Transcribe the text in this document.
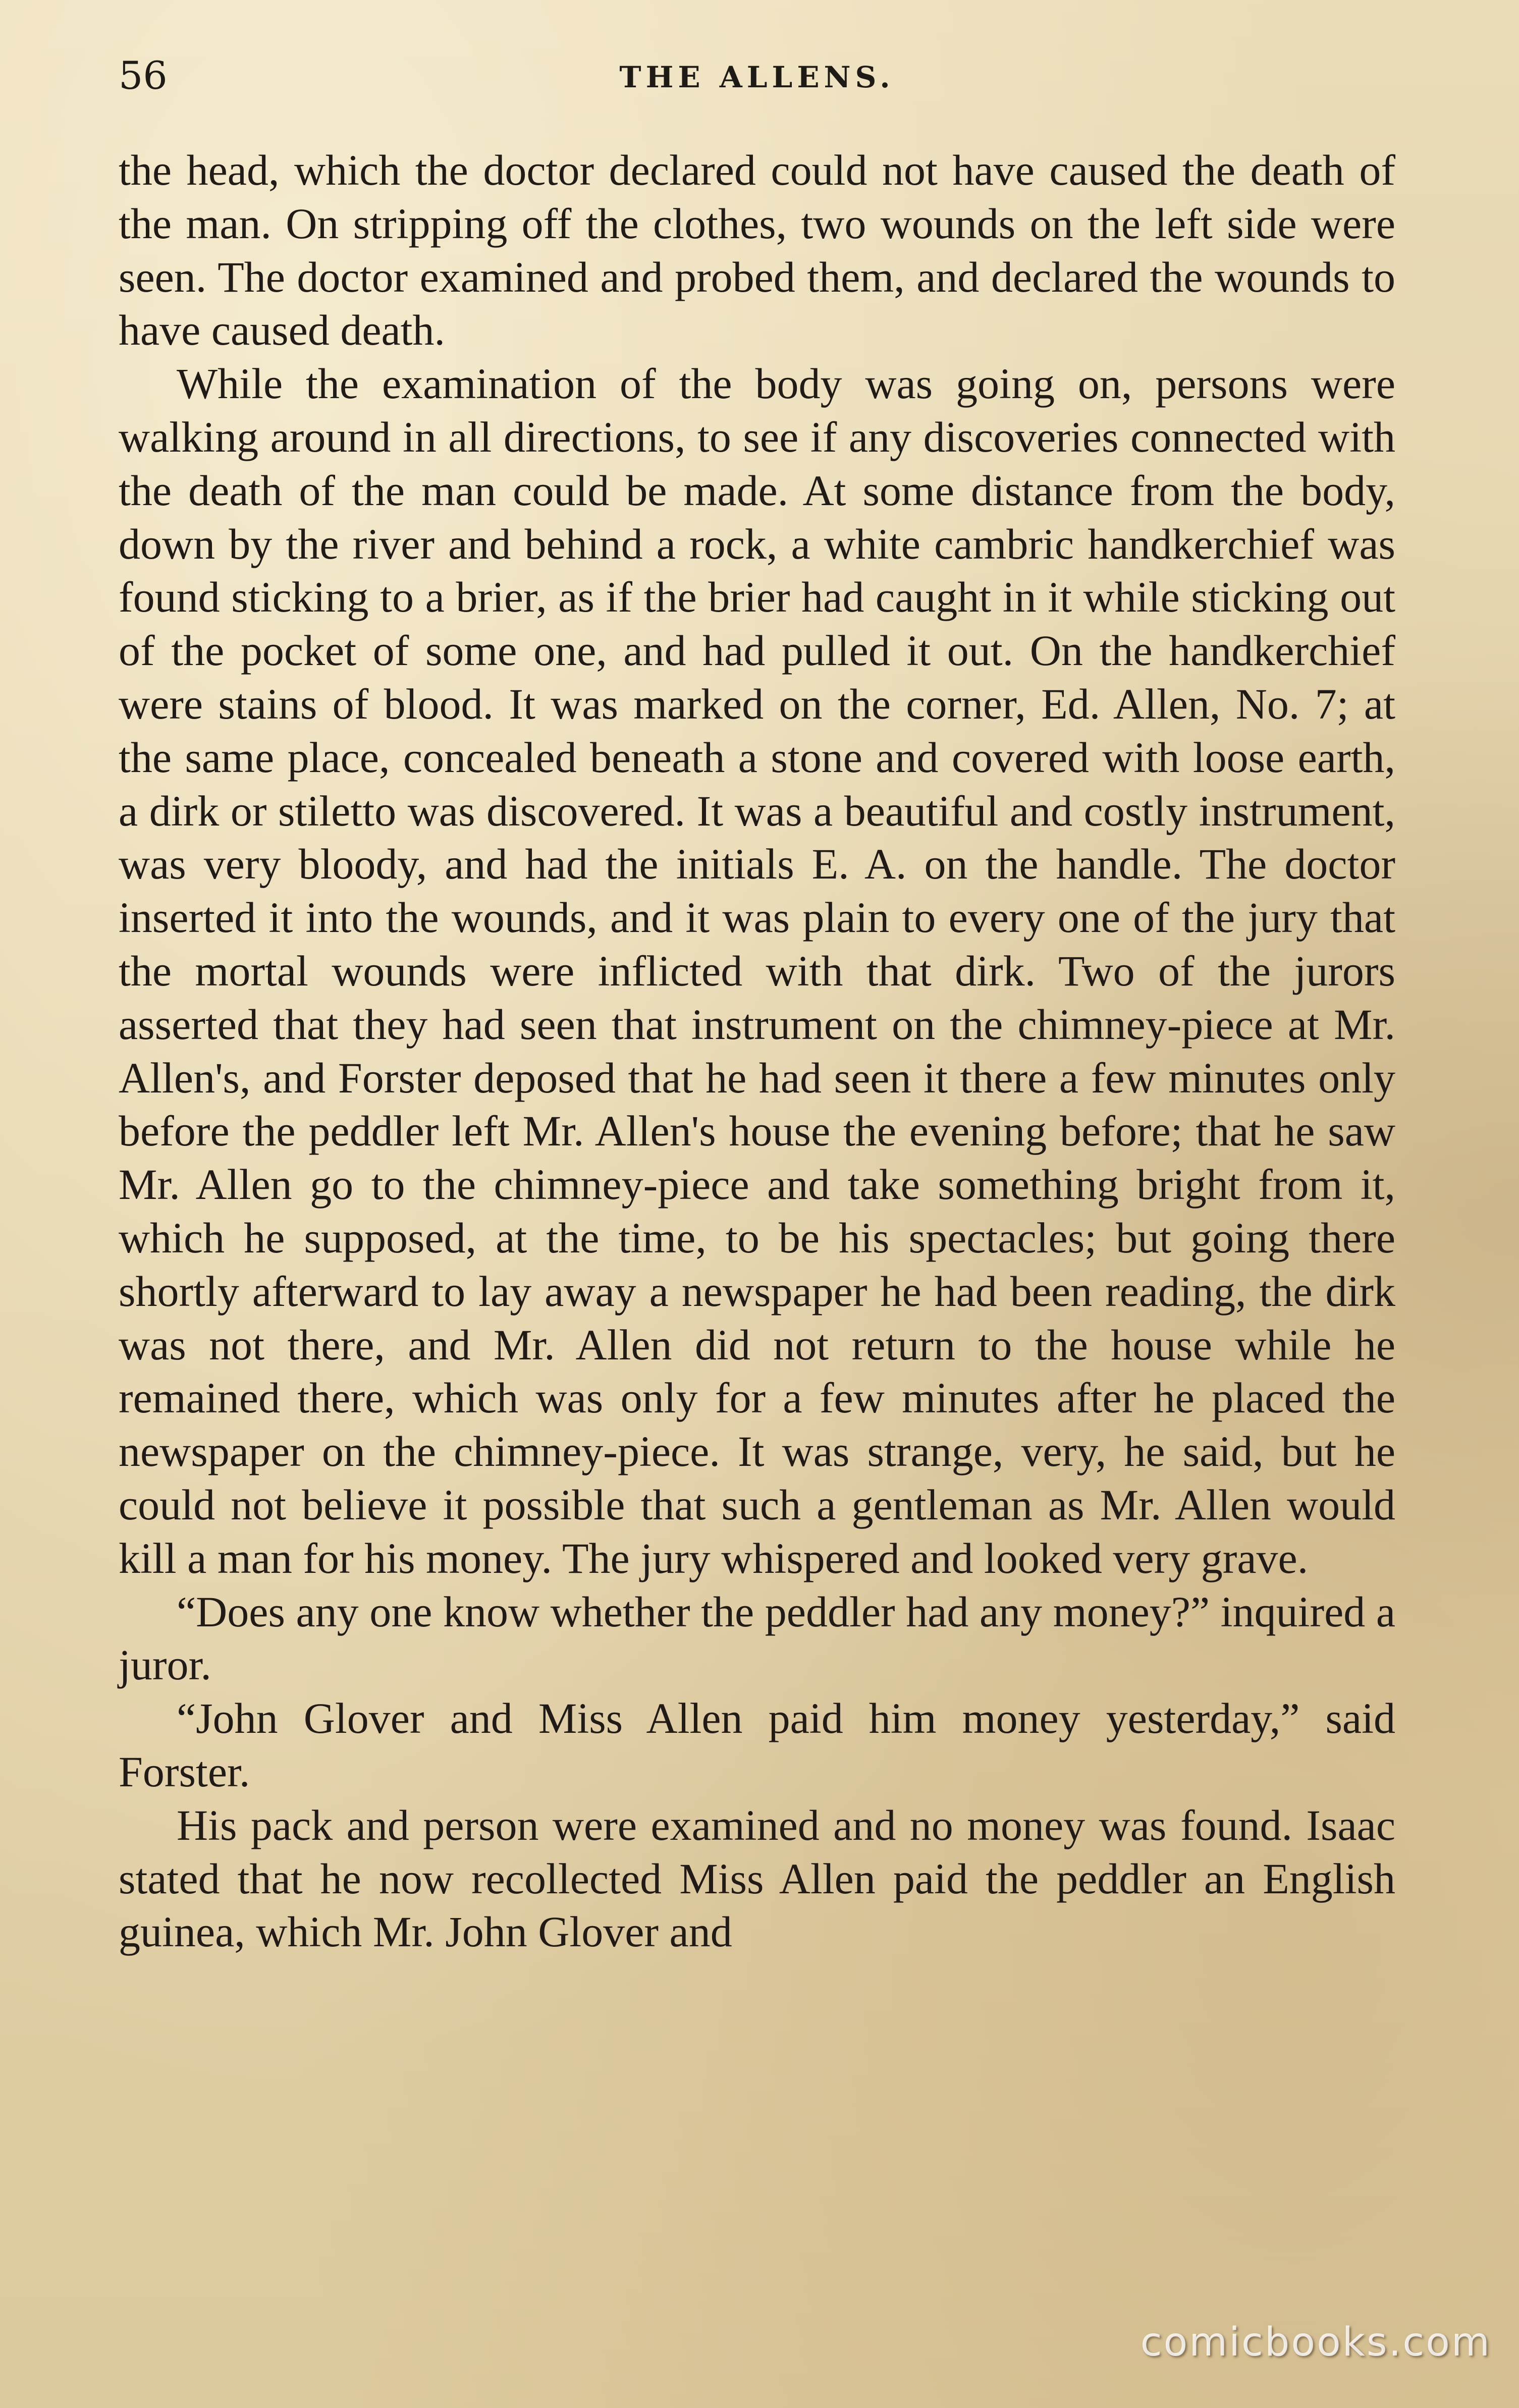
56	THE ALLENS.

the head, which the doctor declared could not have caused the death of the man. On stripping off the clothes, two wounds on the left side were seen. The doctor examined and probed them, and declared the wounds to have caused death.

While the examination of the body was going on, persons were walking around in all directions, to see if any discoveries connected with the death of the man could be made. At some distance from the body, down by the river and behind a rock, a white cambric handkerchief was found sticking to a brier, as if the brier had caught in it while sticking out of the pocket of some one, and had pulled it out. On the handkerchief were stains of blood. It was marked on the corner, Ed. Allen, No. 7; at the same place, concealed beneath a stone and covered with loose earth, a dirk or stiletto was discovered. It was a beautiful and costly instrument, was very bloody, and had the initials E. A. on the handle. The doctor inserted it into the wounds, and it was plain to every one of the jury that the mortal wounds were inflicted with that dirk. Two of the jurors asserted that they had seen that instrument on the chimney-piece at Mr. Allen's, and Forster deposed that he had seen it there a few minutes only before the peddler left Mr. Allen's house the evening before; that he saw Mr. Allen go to the chimney-piece and take something bright from it, which he supposed, at the time, to be his spectacles; but going there shortly afterward to lay away a newspaper he had been reading, the dirk was not there, and Mr. Allen did not return to the house while he remained there, which was only for a few minutes after he placed the newspaper on the chimney-piece. It was strange, very, he said, but he could not believe it possible that such a gentleman as Mr. Allen would kill a man for his money. The jury whispered and looked very grave.

“Does any one know whether the peddler had any money?” inquired a juror.

“John Glover and Miss Allen paid him money yesterday,” said Forster.

His pack and person were examined and no money was found. Isaac stated that he now recollected Miss Allen paid the peddler an English guinea, which Mr. John Glover and

comicbooks.com
